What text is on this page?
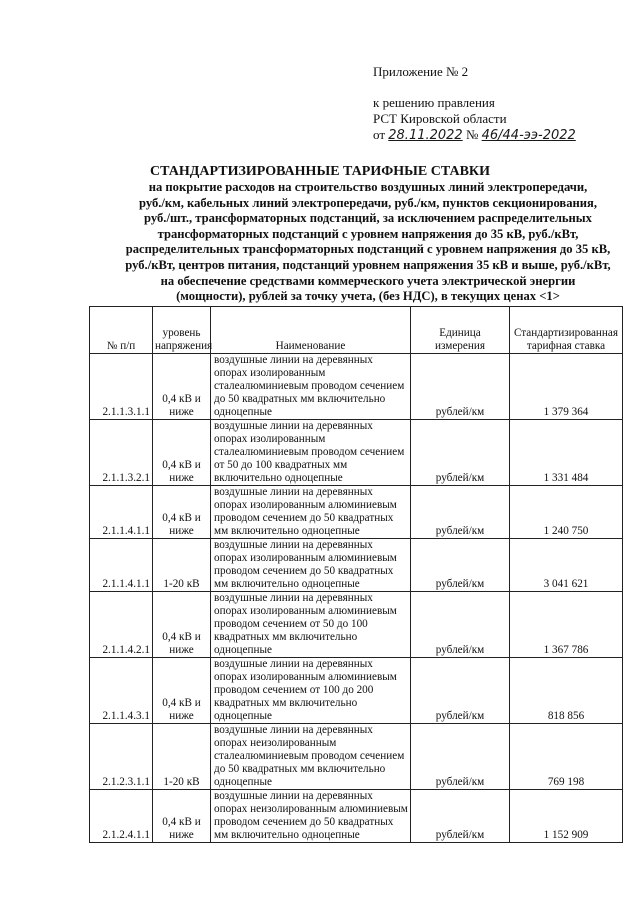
Приложение № 2
к решению правления
РСТ Кировской области
от 28.11.2022 № 46/44-ээ-2022
СТАНДАРТИЗИРОВАННЫЕ ТАРИФНЫЕ СТАВКИ
на покрытие расходов на строительство воздушных линий электропередачи,
руб./км, кабельных линий электропередачи, руб./км, пунктов секционирования,
руб./шт., трансформаторных подстанций, за исключением распределительных
трансформаторных подстанций с уровнем напряжения до 35 кВ, руб./кВт,
распределительных трансформаторных подстанций с уровнем напряжения до 35 кВ,
руб./кВт, центров питания, подстанций уровнем напряжения 35 кВ и выше, руб./кВт,
на обеспечение средствами коммерческого учета электрической энергии
(мощности), рублей за точку учета, (без НДС), в текущих ценах <1>
№ п/п	уровень напряжения	Наименование	Единица измерения	Стандартизированная тарифная ставка
2.1.1.3.1.1	0,4 кВ и ниже	воздушные линии на деревянных опорах изолированным сталеалюминиевым проводом сечением до 50 квадратных мм включительно одноцепные	рублей/км	1 379 364
2.1.1.3.2.1	0,4 кВ и ниже	воздушные линии на деревянных опорах изолированным сталеалюминиевым проводом сечением от 50 до 100 квадратных мм включительно одноцепные	рублей/км	1 331 484
2.1.1.4.1.1	0,4 кВ и ниже	воздушные линии на деревянных опорах изолированным алюминиевым проводом сечением до 50 квадратных мм включительно одноцепные	рублей/км	1 240 750
2.1.1.4.1.1	1-20 кВ	воздушные линии на деревянных опорах изолированным алюминиевым проводом сечением до 50 квадратных мм включительно одноцепные	рублей/км	3 041 621
2.1.1.4.2.1	0,4 кВ и ниже	воздушные линии на деревянных опорах изолированным алюминиевым проводом сечением от 50 до 100 квадратных мм включительно одноцепные	рублей/км	1 367 786
2.1.1.4.3.1	0,4 кВ и ниже	воздушные линии на деревянных опорах изолированным алюминиевым проводом сечением от 100 до 200 квадратных мм включительно одноцепные	рублей/км	818 856
2.1.2.3.1.1	1-20 кВ	воздушные линии на деревянных опорах неизолированным сталеалюминиевым проводом сечением до 50 квадратных мм включительно одноцепные	рублей/км	769 198
2.1.2.4.1.1	0,4 кВ и ниже	воздушные линии на деревянных опорах неизолированным алюминиевым проводом сечением до 50 квадратных мм включительно одноцепные	рублей/км	1 152 909
